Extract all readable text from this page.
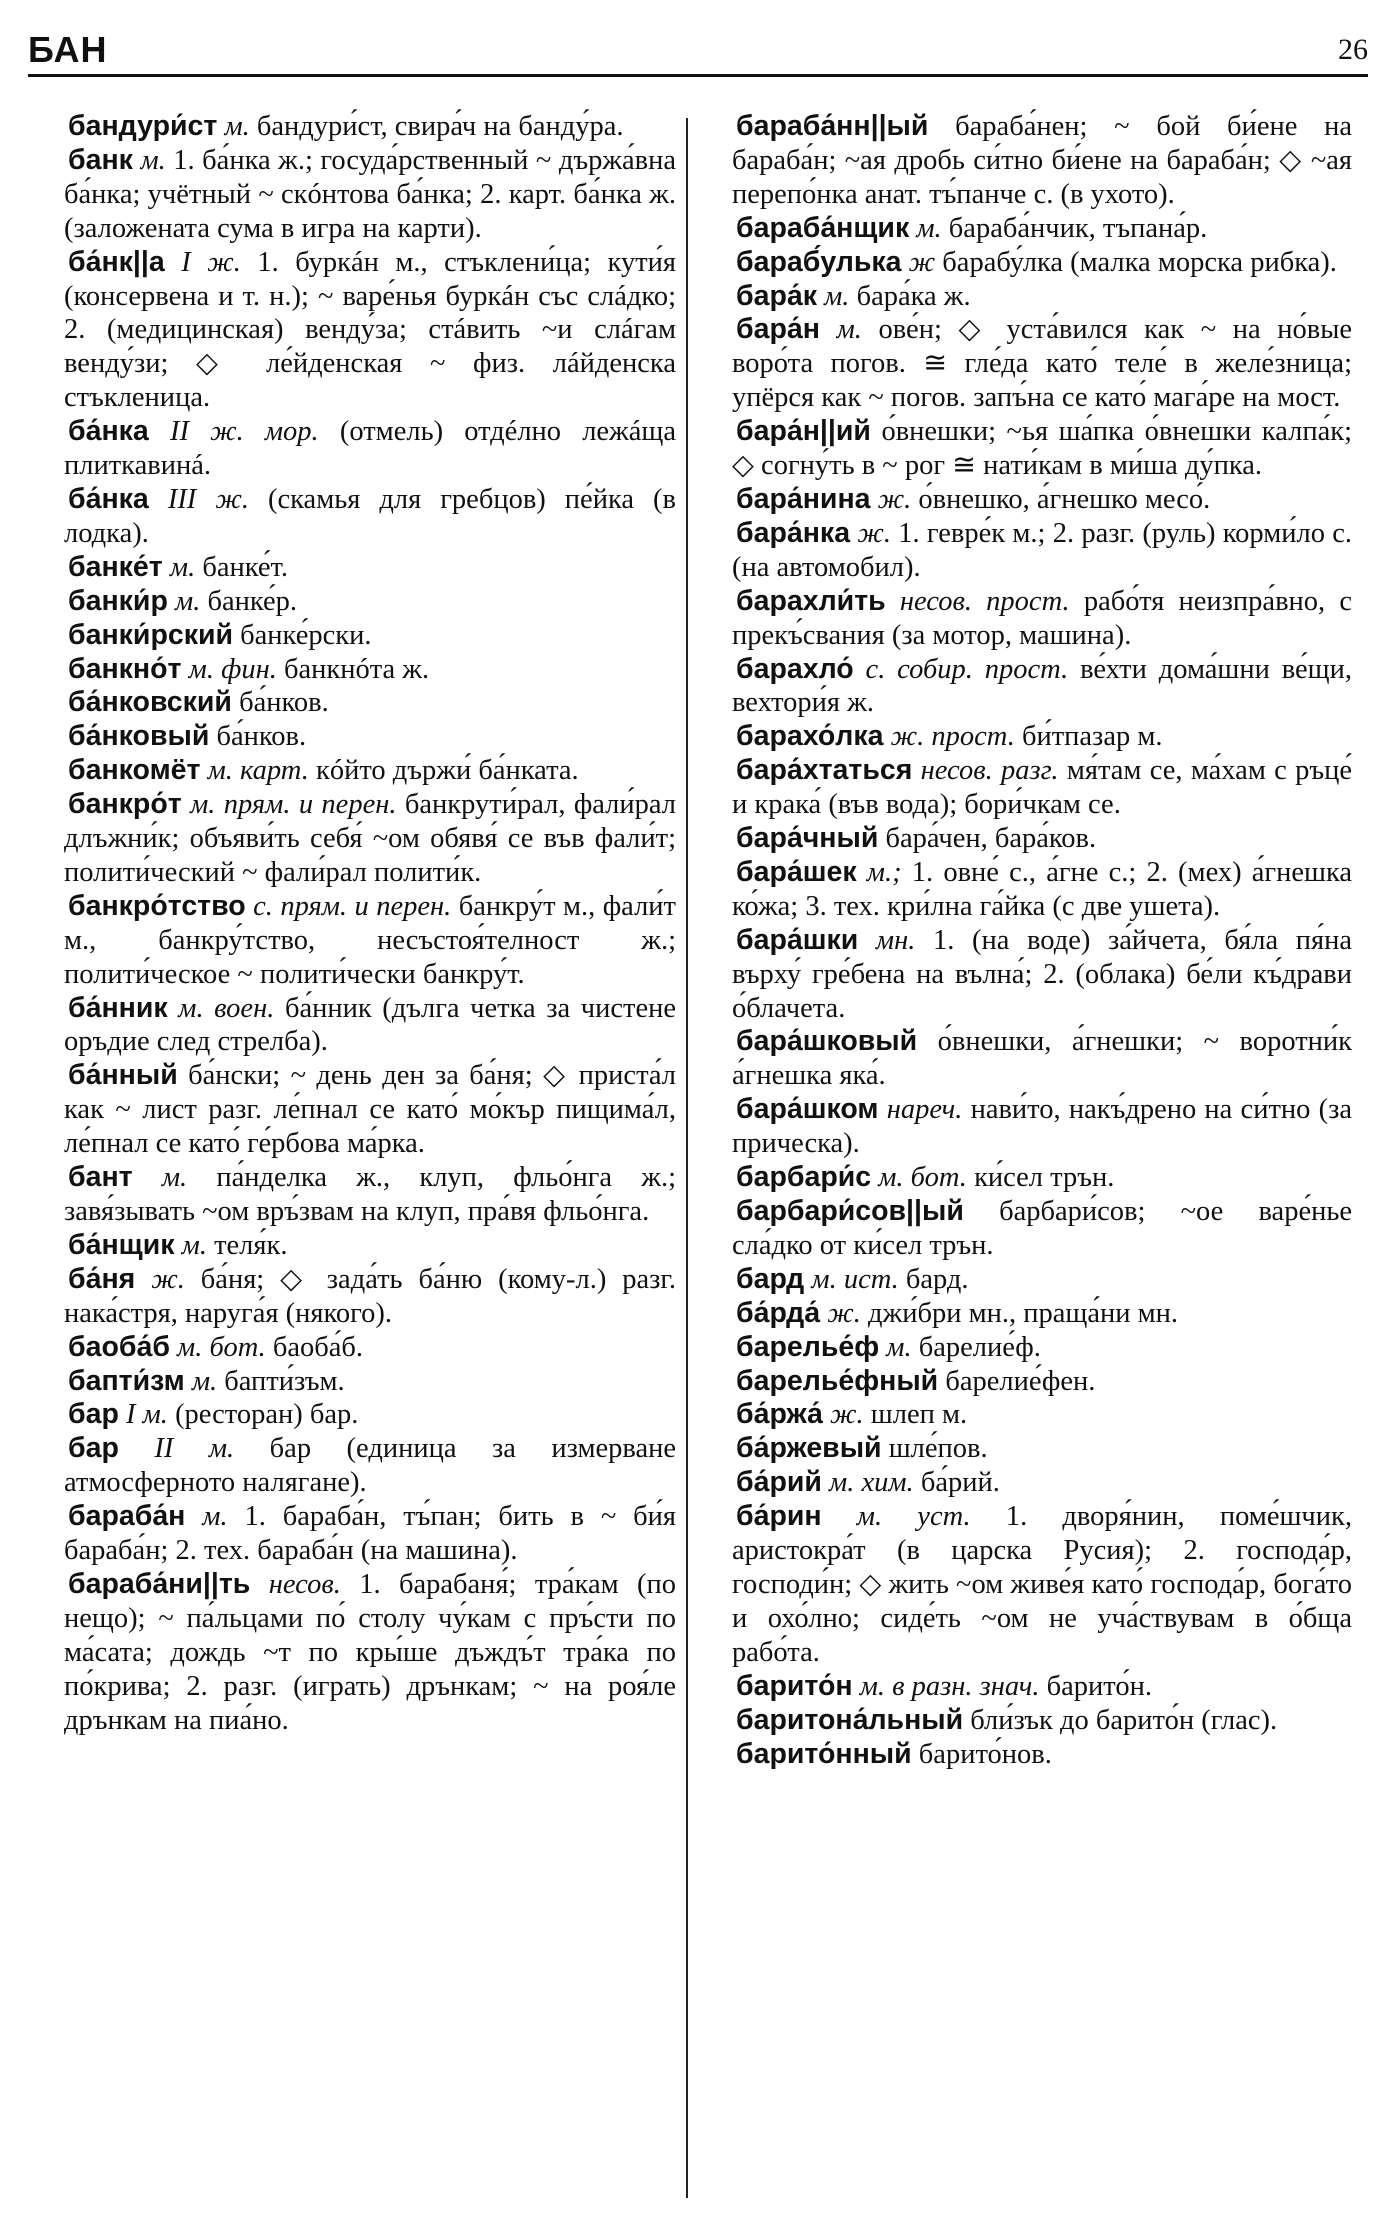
БАН	26

бандури́ст м. бандури́ст, свира́ч на банду́ра.

банк м. 1. ба́нка ж.; госуда́рственный ~ държа́вна ба́нка; учётный ~ скóнтова ба́нка; 2. карт. ба́нка ж. (заложената сума в игра на карти).

ба́нк||а I ж. 1. буркáн м., стъклени́ца; кути́я (консервена и т. н.); ~ варе́нья буркáн със слáдко; 2. (медицинская) венду́за; стáвить ~и слáгам венду́зи; ◇ ле́йденская ~ физ. лáйденска стъкленица.

ба́нка II ж. мор. (отмель) отдéлно лежáща плиткавинá.

ба́нка III ж. (скамья для гребцов) пе́йка (в лодка).

банке́т м. банке́т.

банки́р м. банке́р.

банки́рский банке́рски.

банкно́т м. фин. банкнóта ж.

ба́нковский ба́нков.

ба́нковый ба́нков.

банкомёт м. карт. кóйто държи́ ба́нката.

банкро́т м. прям. и перен. банкрути́рал, фали́рал длъжни́к; объяви́ть себя́ ~ом обявя́ се във фали́т; полити́ческий ~ фали́рал полити́к.

банкро́тство с. прям. и перен. банкру́т м., фали́т м., банкру́тство, несъстоя́телност ж.; полити́ческое ~ полити́чески банкру́т.

ба́нник м. воен. ба́нник (дълга четка за чистене оръдие след стрелба).

ба́нный ба́нски; ~ день ден за ба́ня; ◇ приста́л как ~ лист разг. ле́пнал се като́ мо́кър пищима́л, ле́пнал се като́ ге́рбова ма́рка.

бант м. па́нделка ж., клуп, фльо́нга ж.; завя́зывать ~ом връ́звам на клуп, пра́вя фльо́нга.

ба́нщик м. теля́к.

ба́ня ж. ба́ня; ◇ зада́ть ба́ню (кому-л.) разг. нака́стря, наруга́я (някого).

баоба́б м. бот. баоба́б.

бапти́зм м. бапти́зъм.

бар I м. (ресторан) бар.

бар II м. бар (единица за измерване атмосферното налягане).

бараба́н м. 1. бараба́н, тъ́пан; бить в ~ би́я бараба́н; 2. тех. бараба́н (на машина).

бараба́ни||ть несов. 1. барабаня́; тра́кам (по нещо); ~ па́льцами по́ столу чу́кам с пръ́сти по ма́сата; дождь ~т по кры́ше дъждъ́т тра́ка по по́крива; 2. разг. (играть) дрънкам; ~ на роя́ле дрънкам на пиа́но.

бараба́нн||ый бараба́нен; ~ бой би́ене на бараба́н; ~ая дробь си́тно би́ене на бараба́н; ◇ ~ая перепо́нка анат. тъ́панче с. (в ухото).

бараба́нщик м. бараба́нчик, тъпана́р.

бараб́улька ж барабу́лка (малка морска рибка).

бара́к м. бара́ка ж.

бара́н м. ове́н; ◇ уста́вился как ~ на но́вые воро́та погов. ≅ гле́да като́ теле́ в желе́зница; упёрся как ~ погов. запъ́на се като́ мага́ре на мост.

бара́н||ий о́внешки; ~ья ша́пка о́внешки калпа́к; ◇ согну́ть в ~ рог ≅ нати́кам в ми́ша ду́пка.

бара́нина ж. о́внешко, а́гнешко месо́.

бара́нка ж. 1. гевре́к м.; 2. разг. (руль) корми́ло с. (на автомобил).

барахли́ть несов. прост. рабо́тя неизпра́вно, с прекъ́свания (за мотор, машина).

барахло́ с. собир. прост. ве́хти дома́шни ве́щи, вехтори́я ж.

барахо́лка ж. прост. би́тпазар м.

бара́хтаться несов. разг. мя́там се, ма́хам с ръце́ и крака́ (във вода); бори́чкам се.

бара́чный бара́чен, бара́ков.

бара́шек м.; 1. овне́ с., а́гне с.; 2. (мех) а́гнешка ко́жа; 3. тех. кри́лна га́йка (с две ушета).

бара́шки мн. 1. (на воде) за́йчета, бя́ла пя́на върху́ гре́бена на вълна́; 2. (облака) бе́ли къ́драви о́блачета.

бара́шковый о́внешки, а́гнешки; ~ воротни́к а́гнешка яка́.

бара́шком нареч. нави́то, накъ́дрено на си́тно (за прическа).

барбари́с м. бот. ки́сел трън.

барбари́сов||ый барбари́сов; ~ое варе́нье сла́дко от ки́сел трън.

бард м. ист. бард.

ба́рда́ ж. джи́бри мн., праща́ни мн.

барелье́ф м. барелие́ф.

барелье́фный барелие́фен.

ба́ржа́ ж. шлеп м.

ба́ржевый шле́пов.

ба́рий м. хим. ба́рий.

ба́рин м. уст. 1. дворя́нин, поме́шчик, аристокра́т (в царска Русия); 2. господа́р, господи́н; ◇ жить ~ом живе́я като́ господа́р, бога́то и охо́лно; сиде́ть ~ом не уча́ствувам в о́бща рабо́та.

барито́н м. в разн. знач. барито́н.

баритона́льный бли́зък до барито́н (глас).

барито́нный барито́нов.
